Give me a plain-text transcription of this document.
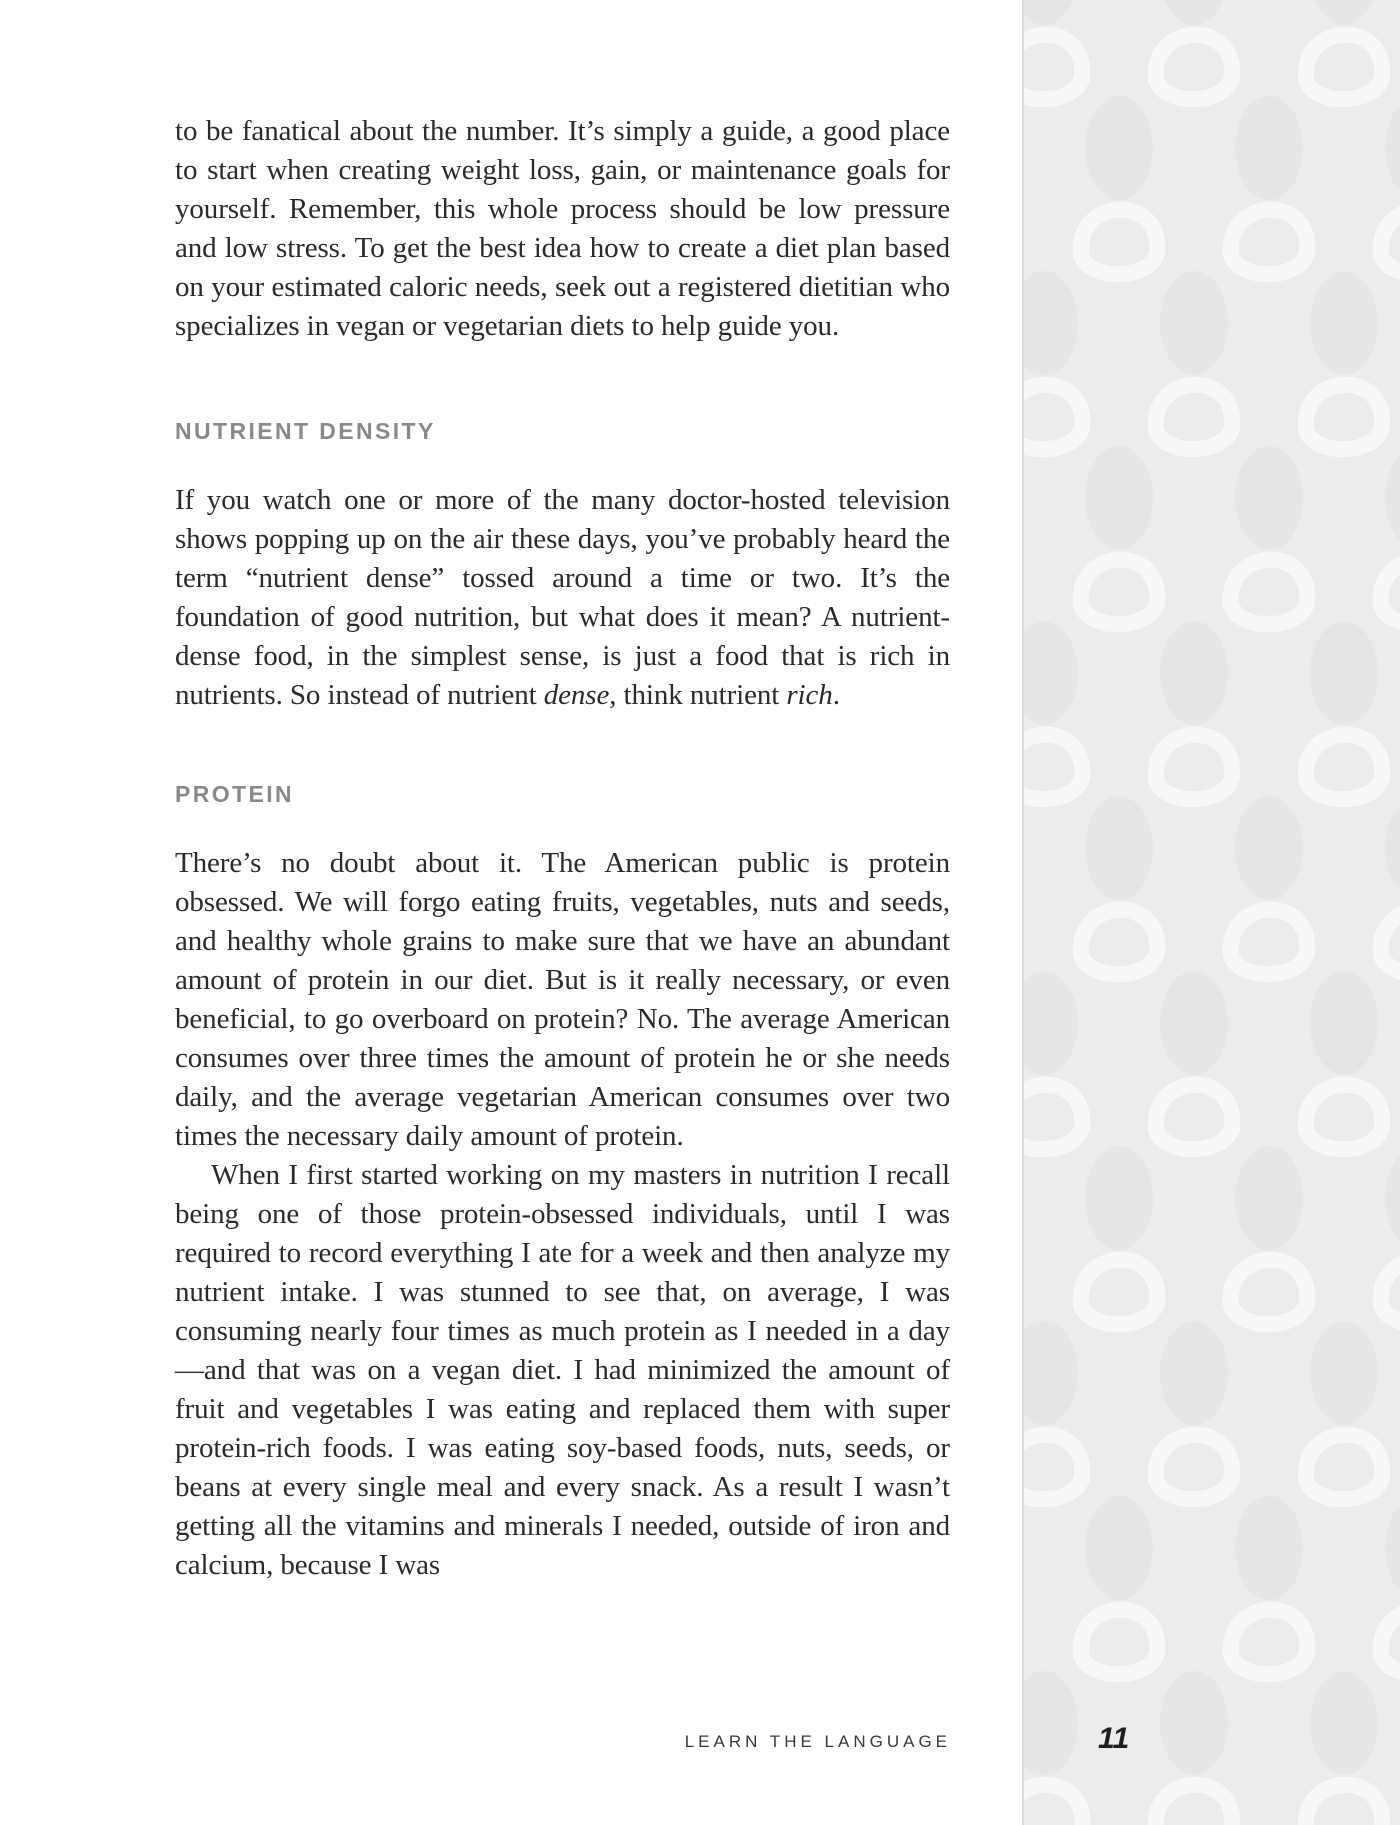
to be fanatical about the number. It’s simply a guide, a good place to start when creating weight loss, gain, or maintenance goals for yourself. Remember, this whole process should be low pressure and low stress. To get the best idea how to create a diet plan based on your estimated caloric needs, seek out a registered dietitian who specializes in vegan or vegetarian diets to help guide you.

NUTRIENT DENSITY

If you watch one or more of the many doctor-hosted television shows popping up on the air these days, you’ve probably heard the term “nutrient dense” tossed around a time or two. It’s the foundation of good nutrition, but what does it mean? A nutrient-dense food, in the simplest sense, is just a food that is rich in nutrients. So instead of nutrient dense, think nutrient rich.

PROTEIN

There’s no doubt about it. The American public is protein obsessed. We will forgo eating fruits, vegetables, nuts and seeds, and healthy whole grains to make sure that we have an abundant amount of protein in our diet. But is it really necessary, or even beneficial, to go overboard on protein? No. The average American consumes over three times the amount of protein he or she needs daily, and the average vegetarian American consumes over two times the necessary daily amount of protein.

When I first started working on my masters in nutrition I recall being one of those protein-obsessed individuals, until I was required to record everything I ate for a week and then analyze my nutrient intake. I was stunned to see that, on average, I was consuming nearly four times as much protein as I needed in a day—and that was on a vegan diet. I had minimized the amount of fruit and vegetables I was eating and replaced them with super protein-rich foods. I was eating soy-based foods, nuts, seeds, or beans at every single meal and every snack. As a result I wasn’t getting all the vitamins and minerals I needed, outside of iron and calcium, because I was

LEARN THE LANGUAGE	11
